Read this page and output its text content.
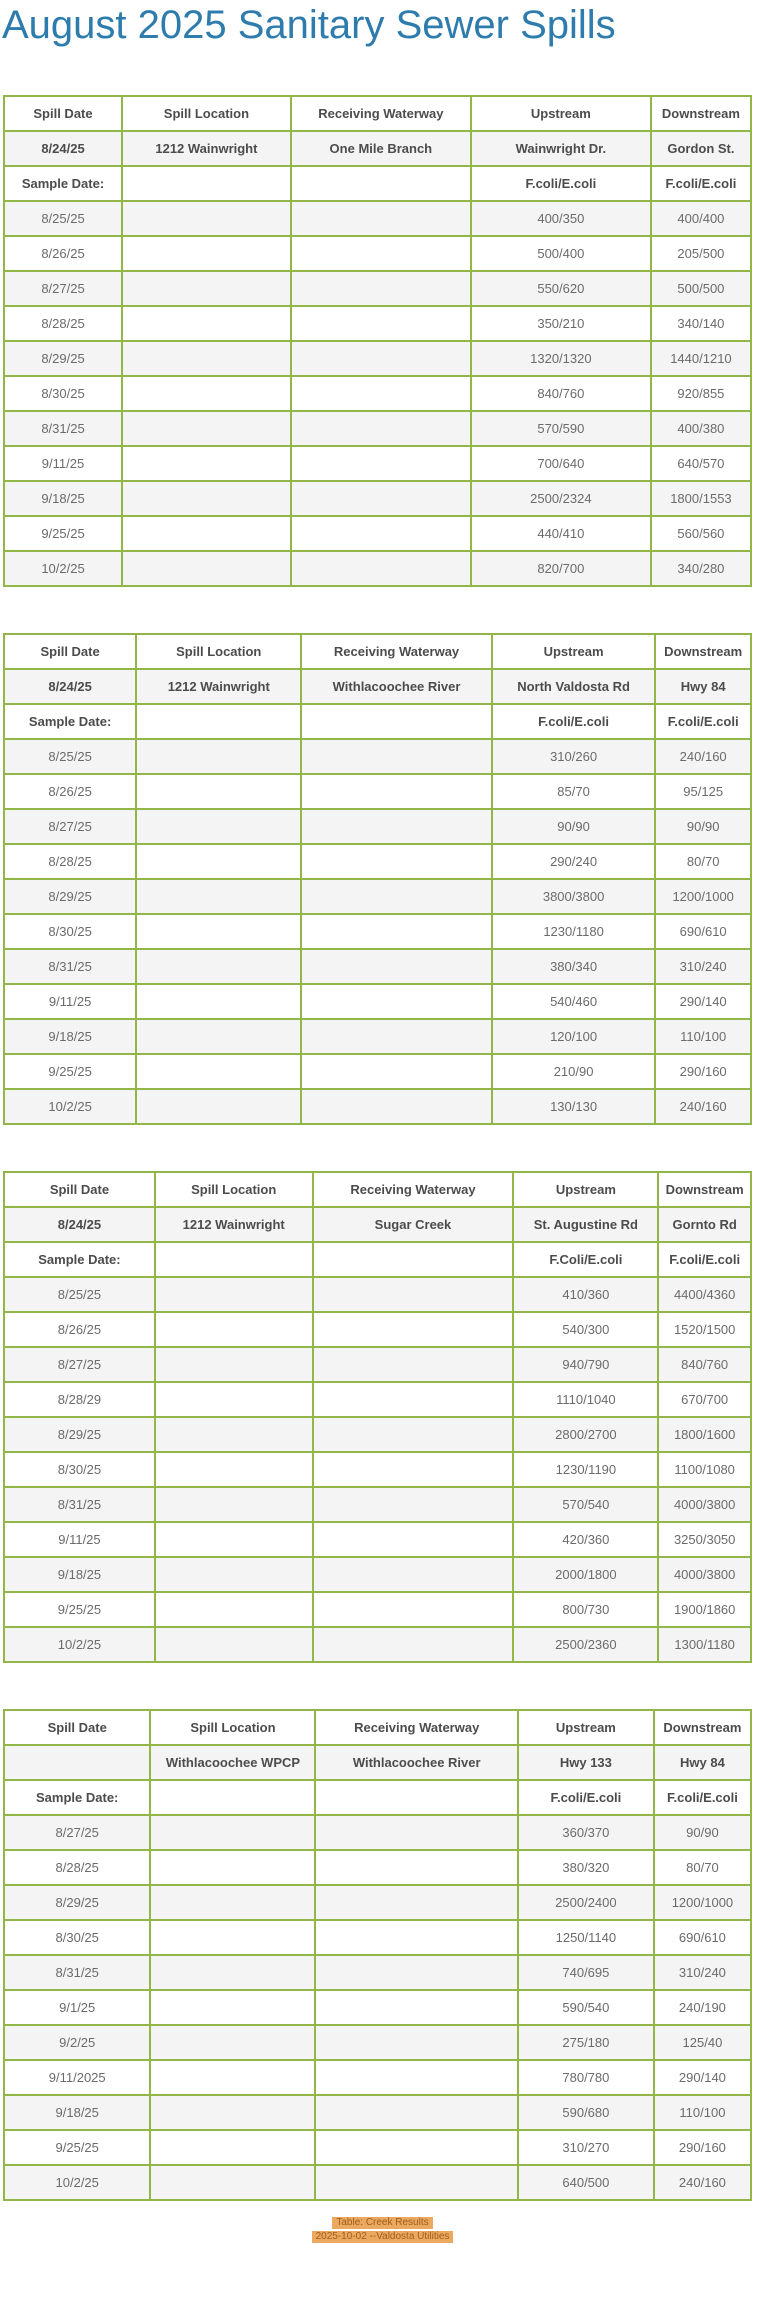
August 2025 Sanitary Sewer Spills
Spill Date	Spill Location	Receiving Waterway	Upstream	Downstream
8/24/25	1212 Wainwright	One Mile Branch	Wainwright Dr.	Gordon St.
Sample Date:			F.coli/E.coli	F.coli/E.coli
8/25/25			400/350	400/400
8/26/25			500/400	205/500
8/27/25			550/620	500/500
8/28/25			350/210	340/140
8/29/25			1320/1320	1440/1210
8/30/25			840/760	920/855
8/31/25			570/590	400/380
9/11/25			700/640	640/570
9/18/25			2500/2324	1800/1553
9/25/25			440/410	560/560
10/2/25			820/700	340/280
Spill Date	Spill Location	Receiving Waterway	Upstream	Downstream
8/24/25	1212 Wainwright	Withlacoochee River	North Valdosta Rd	Hwy 84
Sample Date:			F.coli/E.coli	F.coli/E.coli
8/25/25			310/260	240/160
8/26/25			85/70	95/125
8/27/25			90/90	90/90
8/28/25			290/240	80/70
8/29/25			3800/3800	1200/1000
8/30/25			1230/1180	690/610
8/31/25			380/340	310/240
9/11/25			540/460	290/140
9/18/25			120/100	110/100
9/25/25			210/90	290/160
10/2/25			130/130	240/160
Spill Date	Spill Location	Receiving Waterway	Upstream	Downstream
8/24/25	1212 Wainwright	Sugar Creek	St. Augustine Rd	Gornto Rd
Sample Date:			F.Coli/E.coli	F.coli/E.coli
8/25/25			410/360	4400/4360
8/26/25			540/300	1520/1500
8/27/25			940/790	840/760
8/28/29			1110/1040	670/700
8/29/25			2800/2700	1800/1600
8/30/25			1230/1190	1100/1080
8/31/25			570/540	4000/3800
9/11/25			420/360	3250/3050
9/18/25			2000/1800	4000/3800
9/25/25			800/730	1900/1860
10/2/25			2500/2360	1300/1180
Spill Date	Spill Location	Receiving Waterway	Upstream	Downstream
	Withlacoochee WPCP	Withlacoochee River	Hwy 133	Hwy 84
Sample Date:			F.coli/E.coli	F.coli/E.coli
8/27/25			360/370	90/90
8/28/25			380/320	80/70
8/29/25			2500/2400	1200/1000
8/30/25			1250/1140	690/610
8/31/25			740/695	310/240
9/1/25			590/540	240/190
9/2/25			275/180	125/40
9/11/2025			780/780	290/140
9/18/25			590/680	110/100
9/25/25			310/270	290/160
10/2/25			640/500	240/160
Table: Creek Results
2025-10-02 --Valdosta Utilities
